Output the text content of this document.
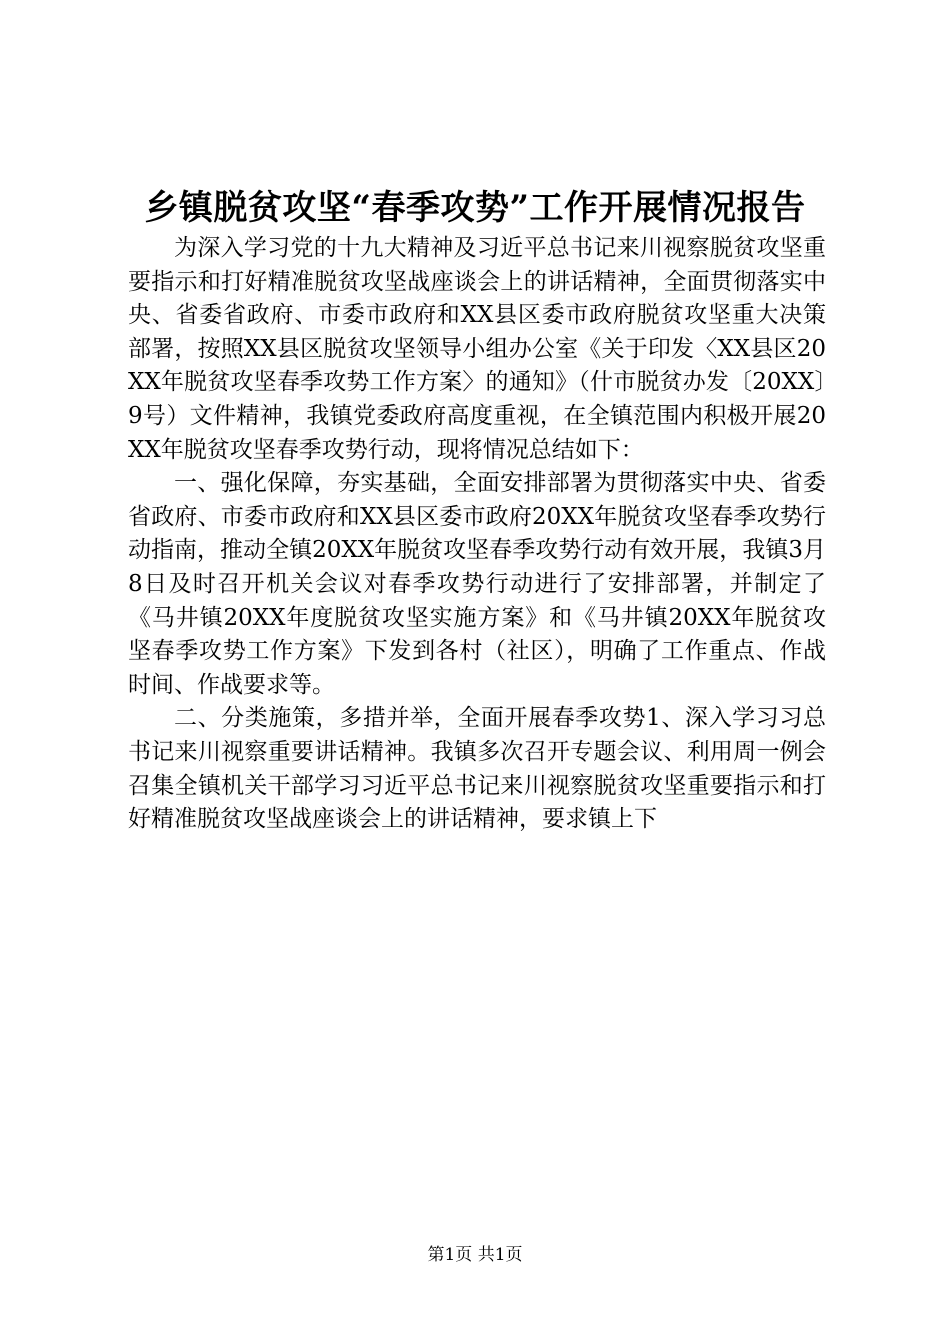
乡镇脱贫攻坚“春季攻势”工作开展情况报告

为深入学习党的十九大精神及习近平总书记来川视察脱贫攻坚重要指示和打好精准脱贫攻坚战座谈会上的讲话精神，全面贯彻落实中央、省委省政府、市委市政府和XX县区委市政府脱贫攻坚重大决策部署，按照XX县区脱贫攻坚领导小组办公室《关于印发〈XX县区20XX年脱贫攻坚春季攻势工作方案〉的通知》（什市脱贫办发〔20XX〕9号）文件精神，我镇党委政府高度重视，在全镇范围内积极开展20XX年脱贫攻坚春季攻势行动，现将情况总结如下：

一、强化保障，夯实基础，全面安排部署为贯彻落实中央、省委省政府、市委市政府和XX县区委市政府20XX年脱贫攻坚春季攻势行动指南，推动全镇20XX年脱贫攻坚春季攻势行动有效开展，我镇3月8日及时召开机关会议对春季攻势行动进行了安排部署，并制定了《马井镇20XX年度脱贫攻坚实施方案》和《马井镇20XX年脱贫攻坚春季攻势工作方案》下发到各村（社区），明确了工作重点、作战时间、作战要求等。

二、分类施策，多措并举，全面开展春季攻势1、深入学习习总书记来川视察重要讲话精神。我镇多次召开专题会议、利用周一例会召集全镇机关干部学习习近平总书记来川视察脱贫攻坚重要指示和打好精准脱贫攻坚战座谈会上的讲话精神，要求镇上下

第1页 共1页
